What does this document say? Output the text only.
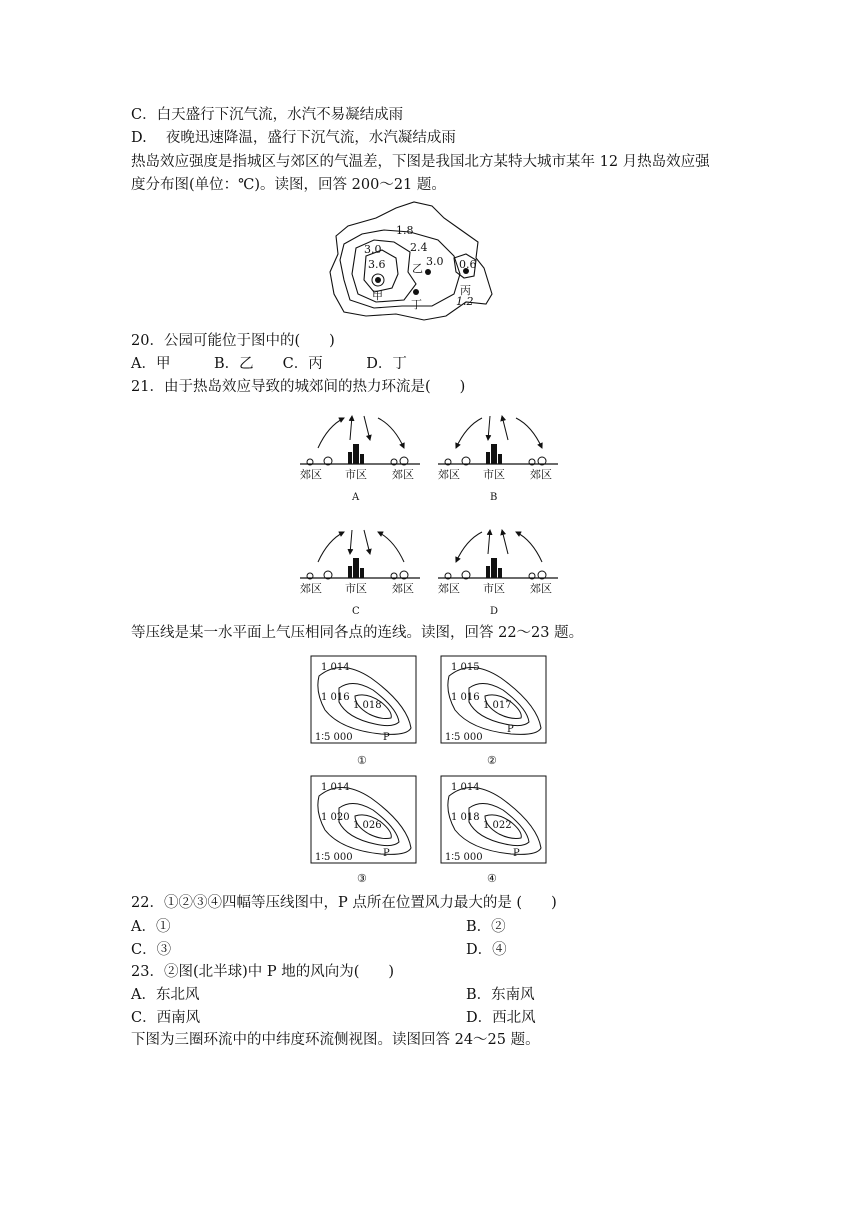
C．白天盛行下沉气流，水汽不易凝结成雨
D.　 夜晚迅速降温，盛行下沉气流，水汽凝结成雨
热岛效应强度是指城区与郊区的气温差，下图是我国北方某特大城市某年 12 月热岛效应强
度分布图(单位：℃)。读图，回答 200～21 题。
1.8
3.0	2.4
3.0 0.6
3.6
1.2
甲
乙
丙
丁
20．公园可能位于图中的(　　)
A．甲　　　B．乙　　C．丙　　　D．丁
21．由于热岛效应导致的城郊间的热力环流是(　　)
郊区 市区 郊区
A
郊区 市区 郊区
B
郊区 市区 郊区
C
郊区 市区 郊区
D
等压线是某一水平面上气压相同各点的连线。读图，回答 22～23 题。
1 014
1 016
1 018
1∶5 000	P
①
1 015
1 016
1 017
1∶5 000
P
②
1 014
1 020
1 026
1∶5 000	P
③
1 014
1 018
1 022
1∶5 000	P
④
22．①②③④四幅等压线图中，P 点所在位置风力最大的是 (　　)
A．①	B．②
C．③	D．④
23．②图(北半球)中 P 地的风向为(　　)
A．东北风	B．东南风
C．西南风	D．西北风
下图为三圈环流中的中纬度环流侧视图。读图回答 24～25 题。
